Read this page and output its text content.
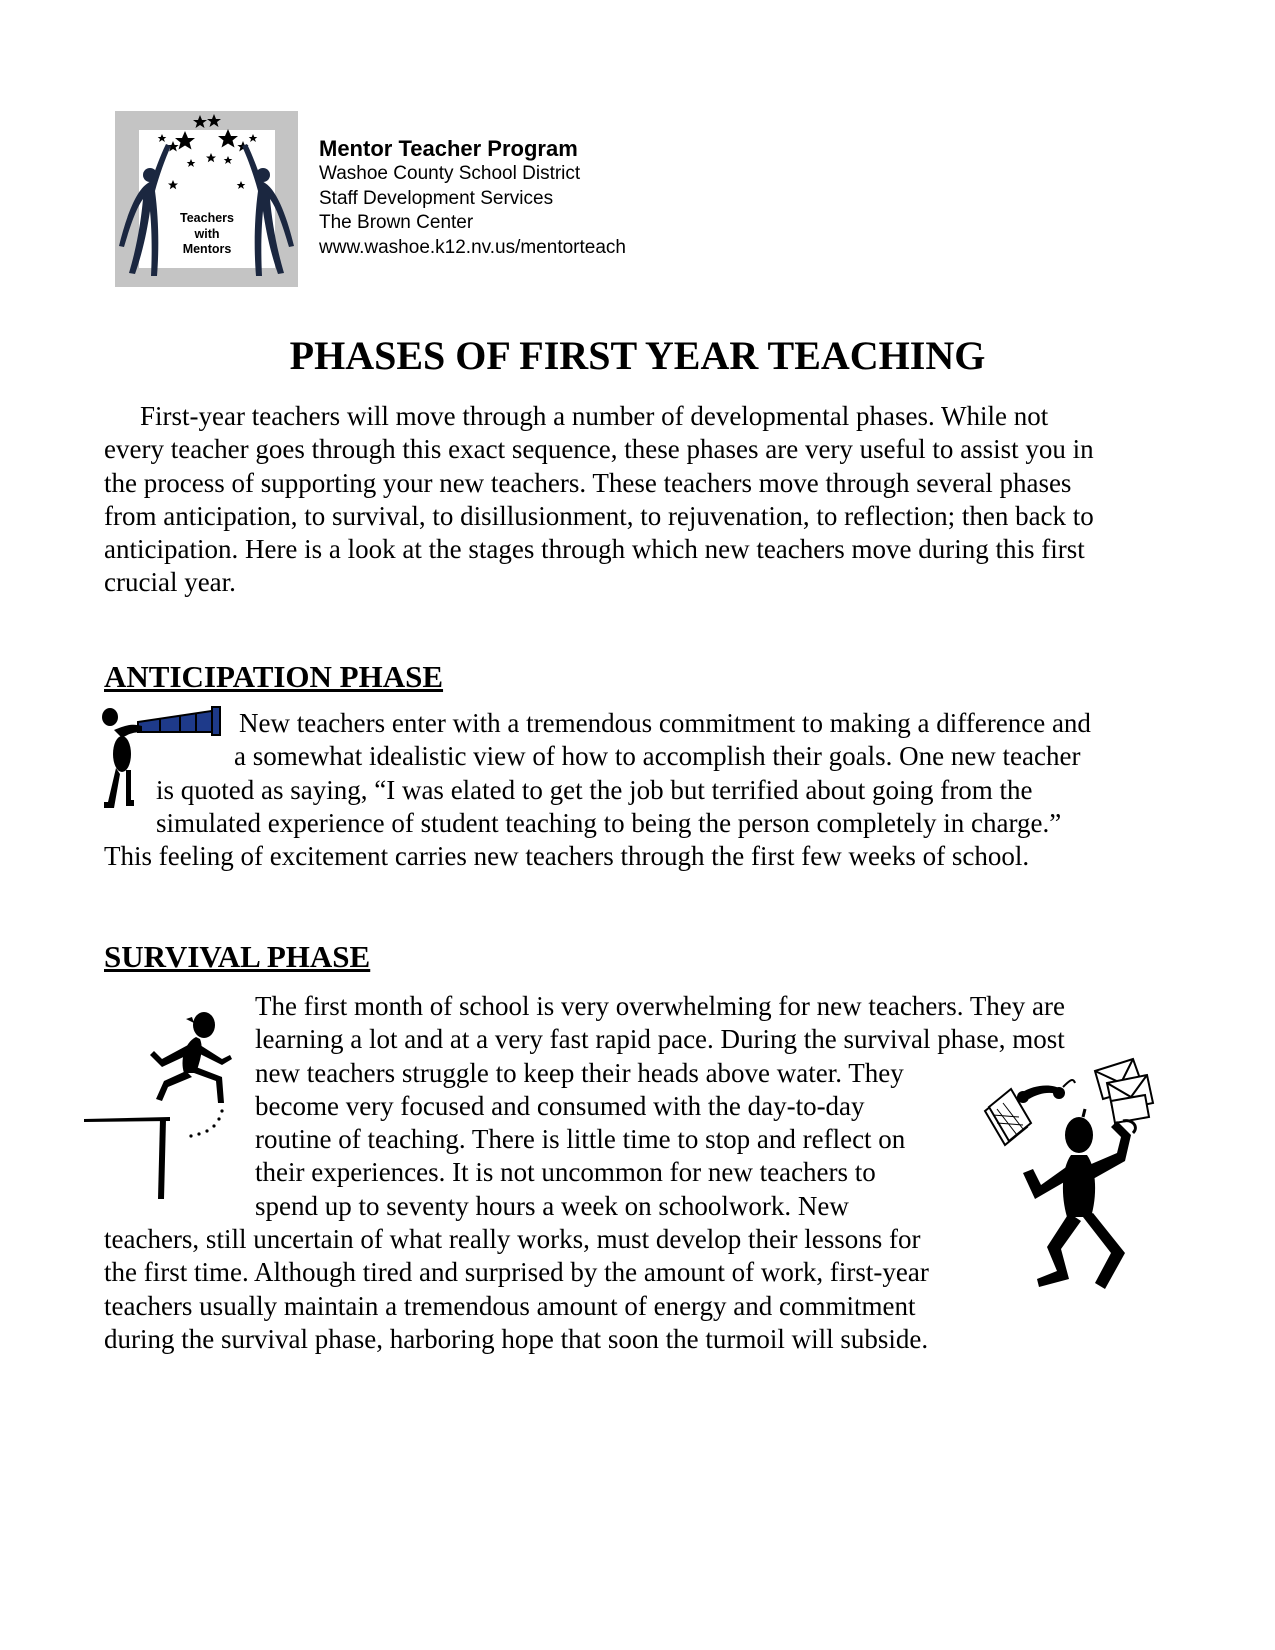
Teachers
with
Mentors
Mentor Teacher Program
Washoe County School District
Staff Development Services
The Brown Center
www.washoe.k12.nv.us/mentorteach
PHASES OF FIRST YEAR TEACHING
First-year teachers will move through a number of developmental phases. While not
every teacher goes through this exact sequence, these phases are very useful to assist you in
the process of supporting your new teachers. These teachers move through several phases
from anticipation, to survival, to disillusionment, to rejuvenation, to reflection; then back to
anticipation. Here is a look at the stages through which new teachers move during this first
crucial year.
ANTICIPATION PHASE
New teachers enter with a tremendous commitment to making a difference and
a somewhat idealistic view of how to accomplish their goals. One new teacher
is quoted as saying, “I was elated to get the job but terrified about going from the
simulated experience of student teaching to being the person completely in charge.”
This feeling of excitement carries new teachers through the first few weeks of school.
SURVIVAL PHASE
The first month of school is very overwhelming for new teachers. They are
learning a lot and at a very fast rapid pace. During the survival phase, most
new teachers struggle to keep their heads above water. They
become very focused and consumed with the day-to-day
routine of teaching. There is little time to stop and reflect on
their experiences. It is not uncommon for new teachers to
spend up to seventy hours a week on schoolwork. New
teachers, still uncertain of what really works, must develop their lessons for
the first time. Although tired and surprised by the amount of work, first-year
teachers usually maintain a tremendous amount of energy and commitment
during the survival phase, harboring hope that soon the turmoil will subside.
